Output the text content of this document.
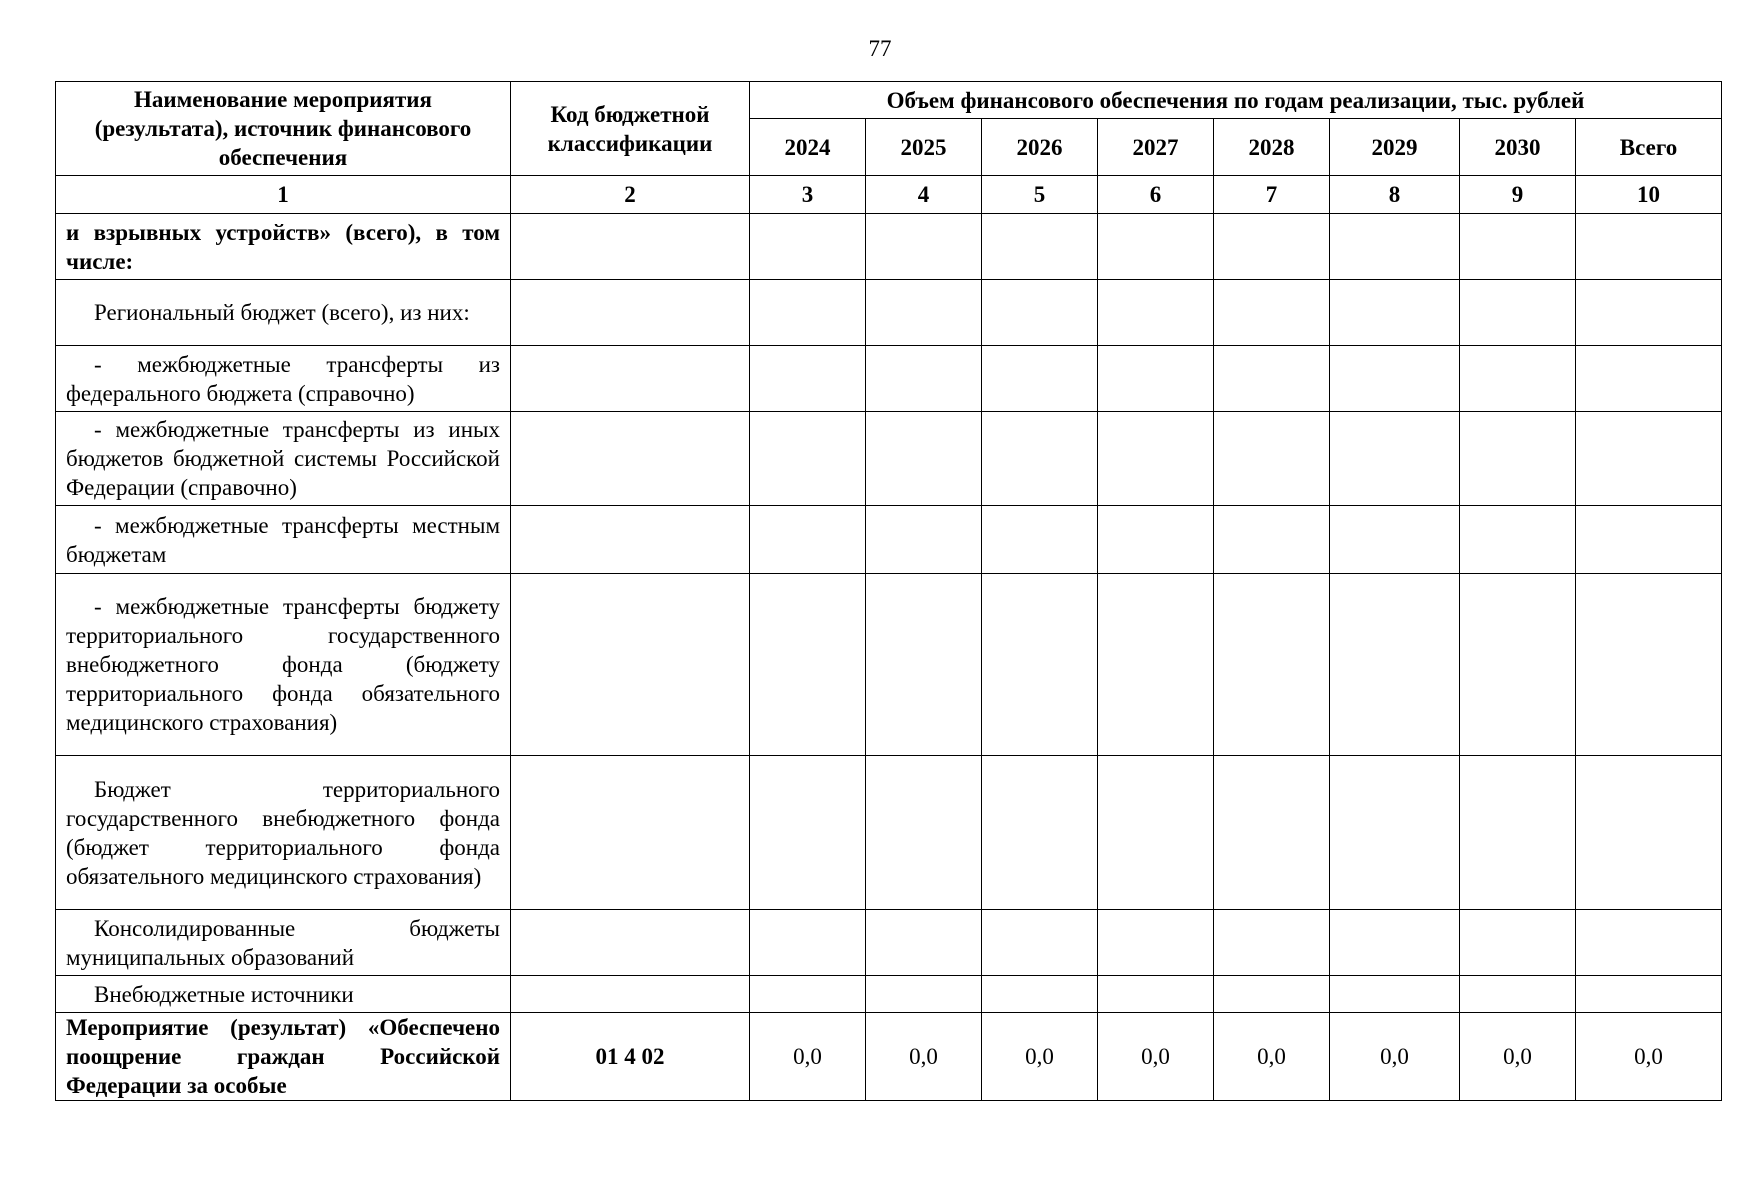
77
Наименование мероприятия (результата), источник финансового обеспечения	Код бюджетной классификации	Объем финансового обеспечения по годам реализации, тыс. рублей							
		2024	2025	2026	2027	2028	2029	2030	Всего
1	2	3	4	5	6	7	8	9	10
и взрывных устройств» (всего), в том числе:									
Региональный бюджет (всего), из них:									
- межбюджетные трансферты из федерального бюджета (справочно)									
- межбюджетные трансферты из иных бюджетов бюджетной системы Российской Федерации (справочно)									
- межбюджетные трансферты местным бюджетам									
- межбюджетные трансферты бюджету территориального государственного внебюджетного фонда (бюджету территориального фонда обязательного медицинского страхования)									
Бюджет территориального государственного внебюджетного фонда (бюджет территориального фонда обязательного медицинского страхования)									
Консолидированные бюджеты муниципальных образований									
Внебюджетные источники									
Мероприятие (результат) «Обеспечено поощрение граждан Российской Федерации за особые	01 4 02	0,0	0,0	0,0	0,0	0,0	0,0	0,0	0,0
